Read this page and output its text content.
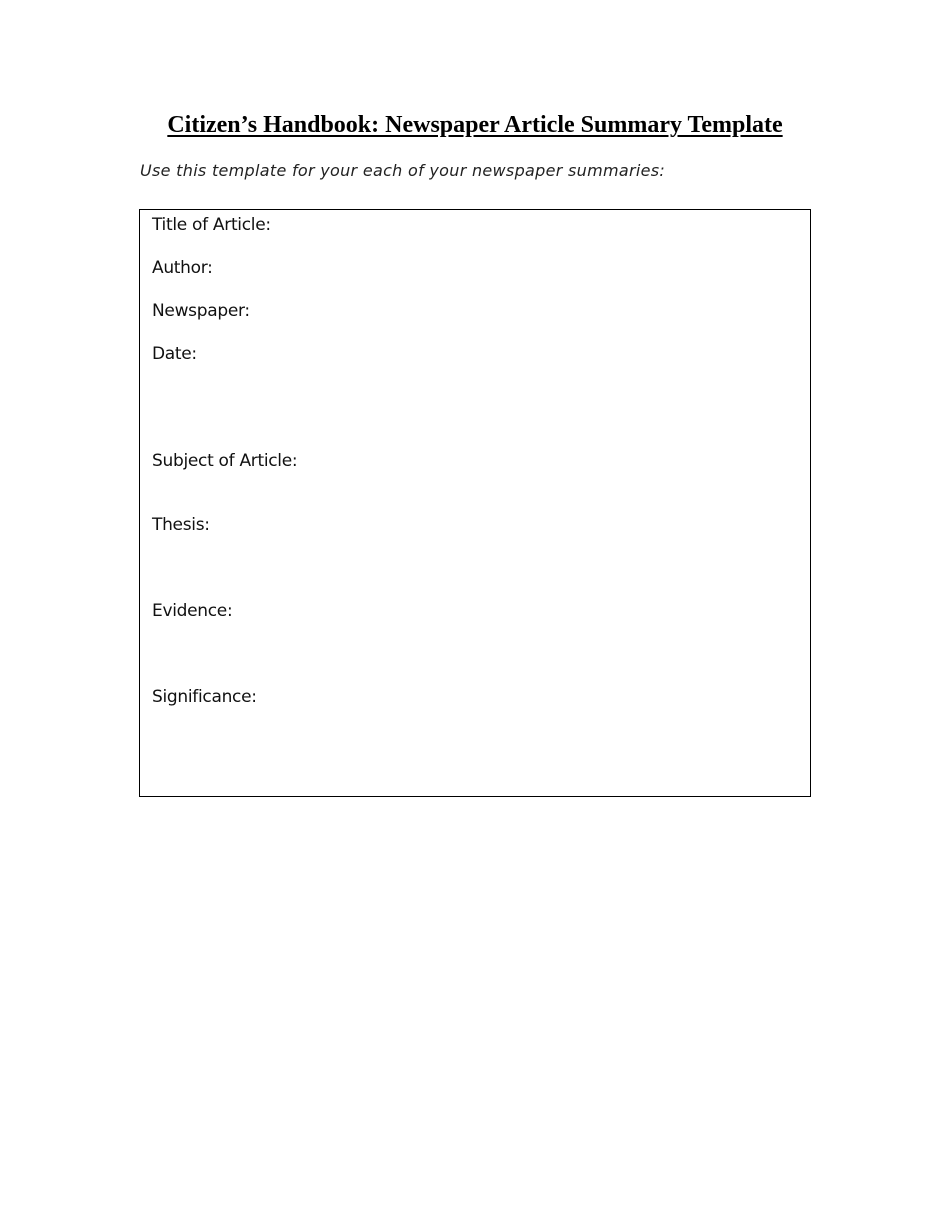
Citizen’s Handbook: Newspaper Article Summary Template

Use this template for your each of your newspaper summaries:

Title of Article:
Author:
Newspaper:
Date:
Subject of Article:
Thesis:
Evidence:
Significance:
